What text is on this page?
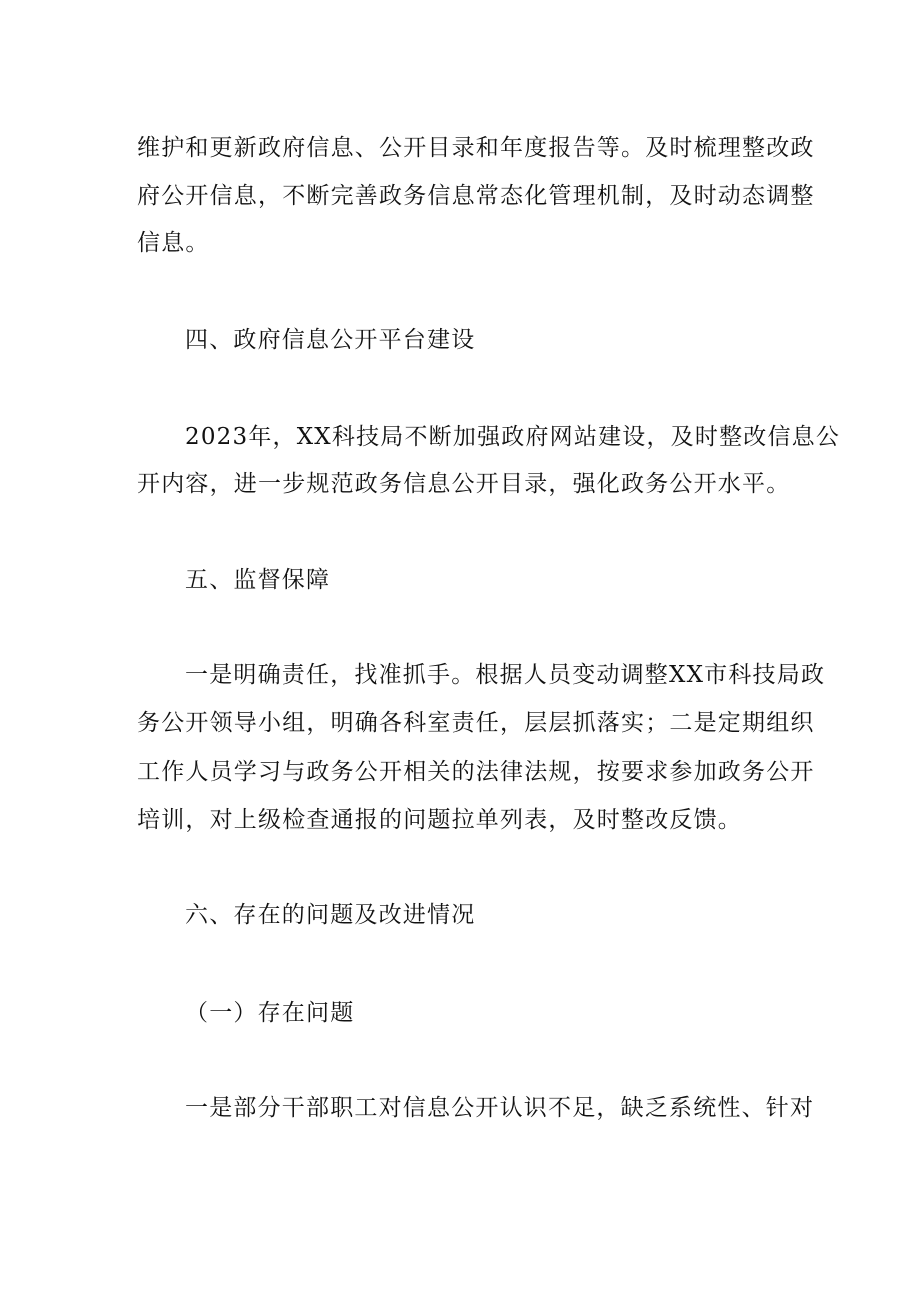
维护和更新政府信息、公开目录和年度报告等。及时梳理整改政
府公开信息，不断完善政务信息常态化管理机制，及时动态调整
信息。
四、政府信息公开平台建设
2023年，XX科技局不断加强政府网站建设，及时整改信息公
开内容，进一步规范政务信息公开目录，强化政务公开水平。
五、监督保障
一是明确责任，找准抓手。根据人员变动调整XX市科技局政
务公开领导小组，明确各科室责任，层层抓落实；二是定期组织
工作人员学习与政务公开相关的法律法规，按要求参加政务公开
培训，对上级检查通报的问题拉单列表，及时整改反馈。
六、存在的问题及改进情况
（一）存在问题
一是部分干部职工对信息公开认识不足，缺乏系统性、针对
